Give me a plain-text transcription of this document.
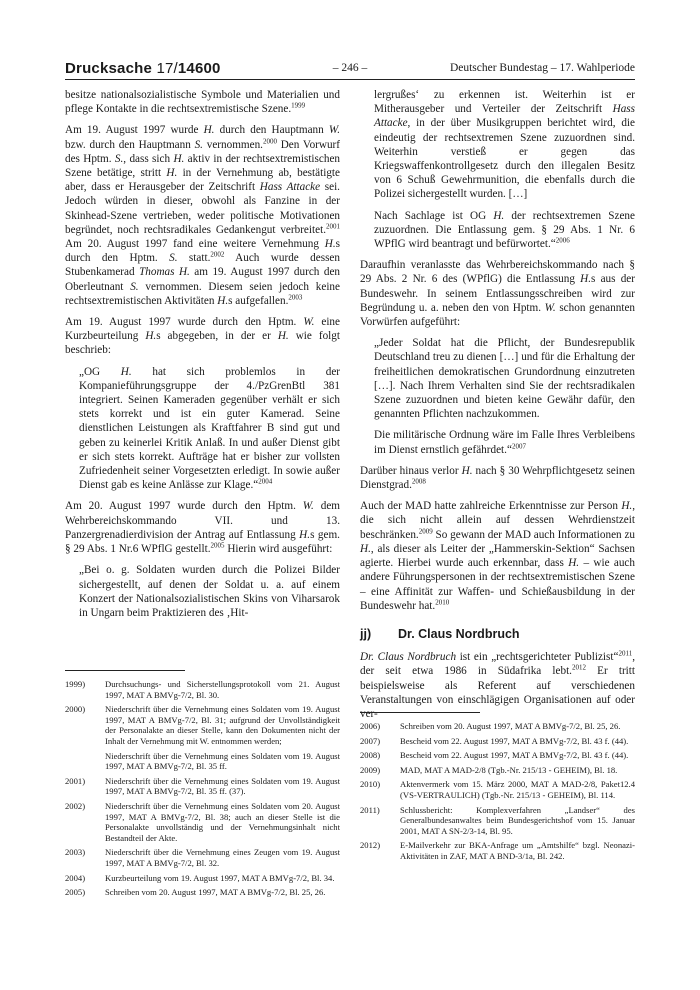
Drucksache 17/14600	– 246 –	Deutscher Bundestag – 17. Wahlperiode

besitze nationalsozialistische Symbole und Materialien und pflege Kontakte in die rechtsextremistische Szene.$^{1999}$

Am 19. August 1997 wurde H. durch den Hauptmann W. bzw. durch den Hauptmann S. vernommen.$^{2000}$ Den Vorwurf des Hptm. S., dass sich H. aktiv in der rechtsextremistischen Szene betätige, stritt H. in der Vernehmung ab, bestätigte aber, dass er Herausgeber der Zeitschrift Hass Attacke sei. Jedoch würden in dieser, obwohl als Fanzine in der Skinhead-Szene vertrieben, weder politische Motivationen begründet, noch rechtsradikales Gedankengut verbreitet.$^{2001}$ Am 20. August 1997 fand eine weitere Vernehmung H.s durch den Hptm. S. statt.$^{2002}$ Auch wurde dessen Stubenkamerad Thomas H. am 19. August 1997 durch den Oberleutnant S. vernommen. Diesem seien jedoch keine rechtsextremistischen Aktivitäten H.s aufgefallen.$^{2003}$

Am 19. August 1997 wurde durch den Hptm. W. eine Kurzbeurteilung H.s abgegeben, in der er H. wie folgt beschrieb:

„OG H. hat sich problemlos in der Kompanieführungsgruppe der 4./PzGrenBtl 381 integriert. Seinen Kameraden gegenüber verhält er sich stets korrekt und ist ein guter Kamerad. Seine dienstlichen Leistungen als Kraftfahrer B sind gut und geben zu keinerlei Kritik Anlaß. In und außer Dienst gibt er sich stets korrekt. Aufträge hat er bisher zur vollsten Zufriedenheit seiner Vorgesetzten erledigt. In sowie außer Dienst gab es keine Anlässe zur Klage.“$^{2004}$

Am 20. August 1997 wurde durch den Hptm. W. dem Wehrbereichskommando VII. und 13. Panzergrenadierdivision der Antrag auf Entlassung H.s gem. § 29 Abs. 1 Nr.6 WPflG gestellt.$^{2005}$ Hierin wird ausgeführt:

„Bei o. g. Soldaten wurden durch die Polizei Bilder sichergestellt, auf denen der Soldat u. a. auf einem Konzert der Nationalsozialistischen Skins von Viharsarok in Ungarn beim Praktizieren des ‚Hit-

1999)	Durchsuchungs- und Sicherstellungsprotokoll vom 21. August 1997, MAT A BMVg-7/2, Bl. 30.
2000)	Niederschrift über die Vernehmung eines Soldaten vom 19. August 1997, MAT A BMVg-7/2, Bl. 31; aufgrund der Unvollständigkeit der Personalakte an dieser Stelle, kann den Dokumenten nicht der Inhalt der Vernehmung mit W. entnommen werden;
Niederschrift über die Vernehmung eines Soldaten vom 19. August 1997, MAT A BMVg-7/2, Bl. 35 ff.
2001)	Niederschrift über die Vernehmung eines Soldaten vom 19. August 1997, MAT A BMVg-7/2, Bl. 35 ff. (37).
2002)	Niederschrift über die Vernehmung eines Soldaten vom 20. August 1997, MAT A BMVg-7/2, Bl. 38; auch an dieser Stelle ist die Personalakte unvollständig und der Vernehmungsinhalt nicht Bestandteil der Akte.
2003)	Niederschrift über die Vernehmung eines Zeugen vom 19. August 1997, MAT A BMVg-7/2, Bl. 32.
2004)	Kurzbeurteilung vom 19. August 1997, MAT A BMVg-7/2, Bl. 34.
2005)	Schreiben vom 20. August 1997, MAT A BMVg-7/2, Bl. 25, 26.

lergrußes‘ zu erkennen ist. Weiterhin ist er Mitherausgeber und Verteiler der Zeitschrift Hass Attacke, in der über Musikgruppen berichtet wird, die eindeutig der rechtsextremen Szene zuzuordnen sind. Weiterhin verstieß er gegen das Kriegswaffenkontrollgesetz durch den illegalen Besitz von 6 Schuß Gewehrmunition, die ebenfalls durch die Polizei sichergestellt wurden. […]

Nach Sachlage ist OG H. der rechtsextremen Szene zuzuordnen. Die Entlassung gem. § 29 Abs. 1 Nr. 6 WPflG wird beantragt und befürwortet.“$^{2006}$

Daraufhin veranlasste das Wehrbereichskommando nach § 29 Abs. 2 Nr. 6 des (WPflG) die Entlassung H.s aus der Bundeswehr. In seinem Entlassungsschreiben wird zur Begründung u. a. neben den von Hptm. W. schon genannten Vorwürfen aufgeführt:

„Jeder Soldat hat die Pflicht, der Bundesrepublik Deutschland treu zu dienen […] und für die Erhaltung der freiheitlichen demokratischen Grundordnung einzutreten […]. Nach Ihrem Verhalten sind Sie der rechtsradikalen Szene zuzuordnen und bieten keine Gewähr dafür, den genannten Pflichten nachzukommen.

Die militärische Ordnung wäre im Falle Ihres Verbleibens im Dienst ernstlich gefährdet.“$^{2007}$

Darüber hinaus verlor H. nach § 30 Wehrpflichtgesetz seinen Dienstgrad.$^{2008}$

Auch der MAD hatte zahlreiche Erkenntnisse zur Person H., die sich nicht allein auf dessen Wehrdienstzeit beschränken.$^{2009}$ So gewann der MAD auch Informationen zu H., als dieser als Leiter der „Hammerskin-Sektion“ Sachsen agierte. Hierbei wurde auch erkennbar, dass H. – wie auch andere Führungspersonen in der rechtsextremistischen Szene – eine Affinität zur Waffen- und Schießausbildung in der Bundeswehr hat.$^{2010}$

jj) Dr. Claus Nordbruch

Dr. Claus Nordbruch ist ein „rechtsgerichteter Publizist“$^{2011}$, der seit etwa 1986 in Südafrika lebt.$^{2012}$ Er tritt beispielsweise als Referent auf verschiedenen Veranstaltungen von einschlägigen Organisationen auf oder ver-

2006)	Schreiben vom 20. August 1997, MAT A BMVg-7/2, Bl. 25, 26.
2007)	Bescheid vom 22. August 1997, MAT A BMVg-7/2, Bl. 43 f. (44).
2008)	Bescheid vom 22. August 1997, MAT A BMVg-7/2, Bl. 43 f. (44).
2009)	MAD, MAT A MAD-2/8 (Tgb.-Nr. 215/13 - GEHEIM), Bl. 18.
2010)	Aktenvermerk vom 15. März 2000, MAT A MAD-2/8, Paket12.4 (VS-VERTRAULICH) (Tgb.-Nr. 215/13 - GEHEIM), Bl. 114.
2011)	Schlussbericht: Komplexverfahren „Landser“ des Generalbundesanwaltes beim Bundesgerichtshof vom 15. Januar 2001, MAT A SN-2/3-14, Bl. 95.
2012)	E-Mailverkehr zur BKA-Anfrage um „Amtshilfe“ bzgl. Neonazi-Aktivitäten in ZAF, MAT A BND-3/1a, Bl. 242.
